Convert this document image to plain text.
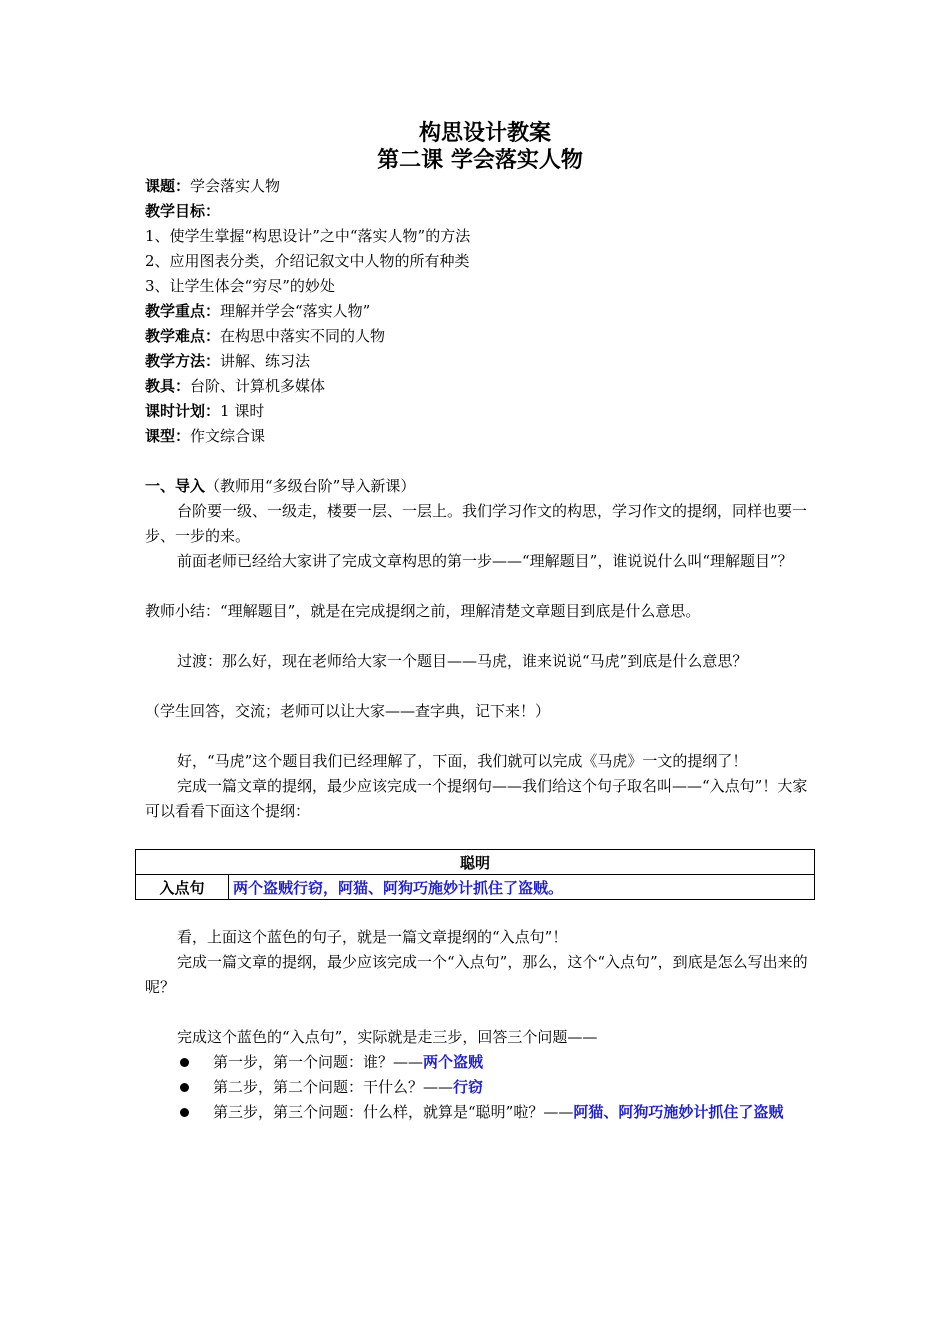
构思设计教案
第二课 学会落实人物
课题：学会落实人物
教学目标：
1、使学生掌握“构思设计”之中“落实人物”的方法
2、应用图表分类，介绍记叙文中人物的所有种类
3、让学生体会“穷尽”的妙处
教学重点：理解并学会“落实人物”
教学难点：在构思中落实不同的人物
教学方法：讲解、练习法
教具：台阶、计算机多媒体
课时计划：1 课时
课型：作文综合课
一、导入（教师用“多级台阶”导入新课）
台阶要一级、一级走，楼要一层、一层上。我们学习作文的构思，学习作文的提纲，同样也要一步、一步的来。
前面老师已经给大家讲了完成文章构思的第一步——“理解题目”，谁说说什么叫“理解题目”？
教师小结：“理解题目”，就是在完成提纲之前，理解清楚文章题目到底是什么意思。
过渡：那么好，现在老师给大家一个题目——马虎，谁来说说“马虎”到底是什么意思？
（学生回答，交流；老师可以让大家——查字典，记下来！）
好，“马虎”这个题目我们已经理解了，下面，我们就可以完成《马虎》一文的提纲了！
完成一篇文章的提纲，最少应该完成一个提纲句——我们给这个句子取名叫——“入点句”！大家可以看看下面这个提纲：
聪明
入点句	两个盗贼行窃，阿猫、阿狗巧施妙计抓住了盗贼。
看，上面这个蓝色的句子，就是一篇文章提纲的“入点句”！
完成一篇文章的提纲，最少应该完成一个“入点句”，那么，这个“入点句”，到底是怎么写出来的呢？
完成这个蓝色的“入点句”，实际就是走三步，回答三个问题——
第一步，第一个问题：谁？——两个盗贼
第二步，第二个问题：干什么？——行窃
第三步，第三个问题：什么样，就算是“聪明”啦？——阿猫、阿狗巧施妙计抓住了盗贼
